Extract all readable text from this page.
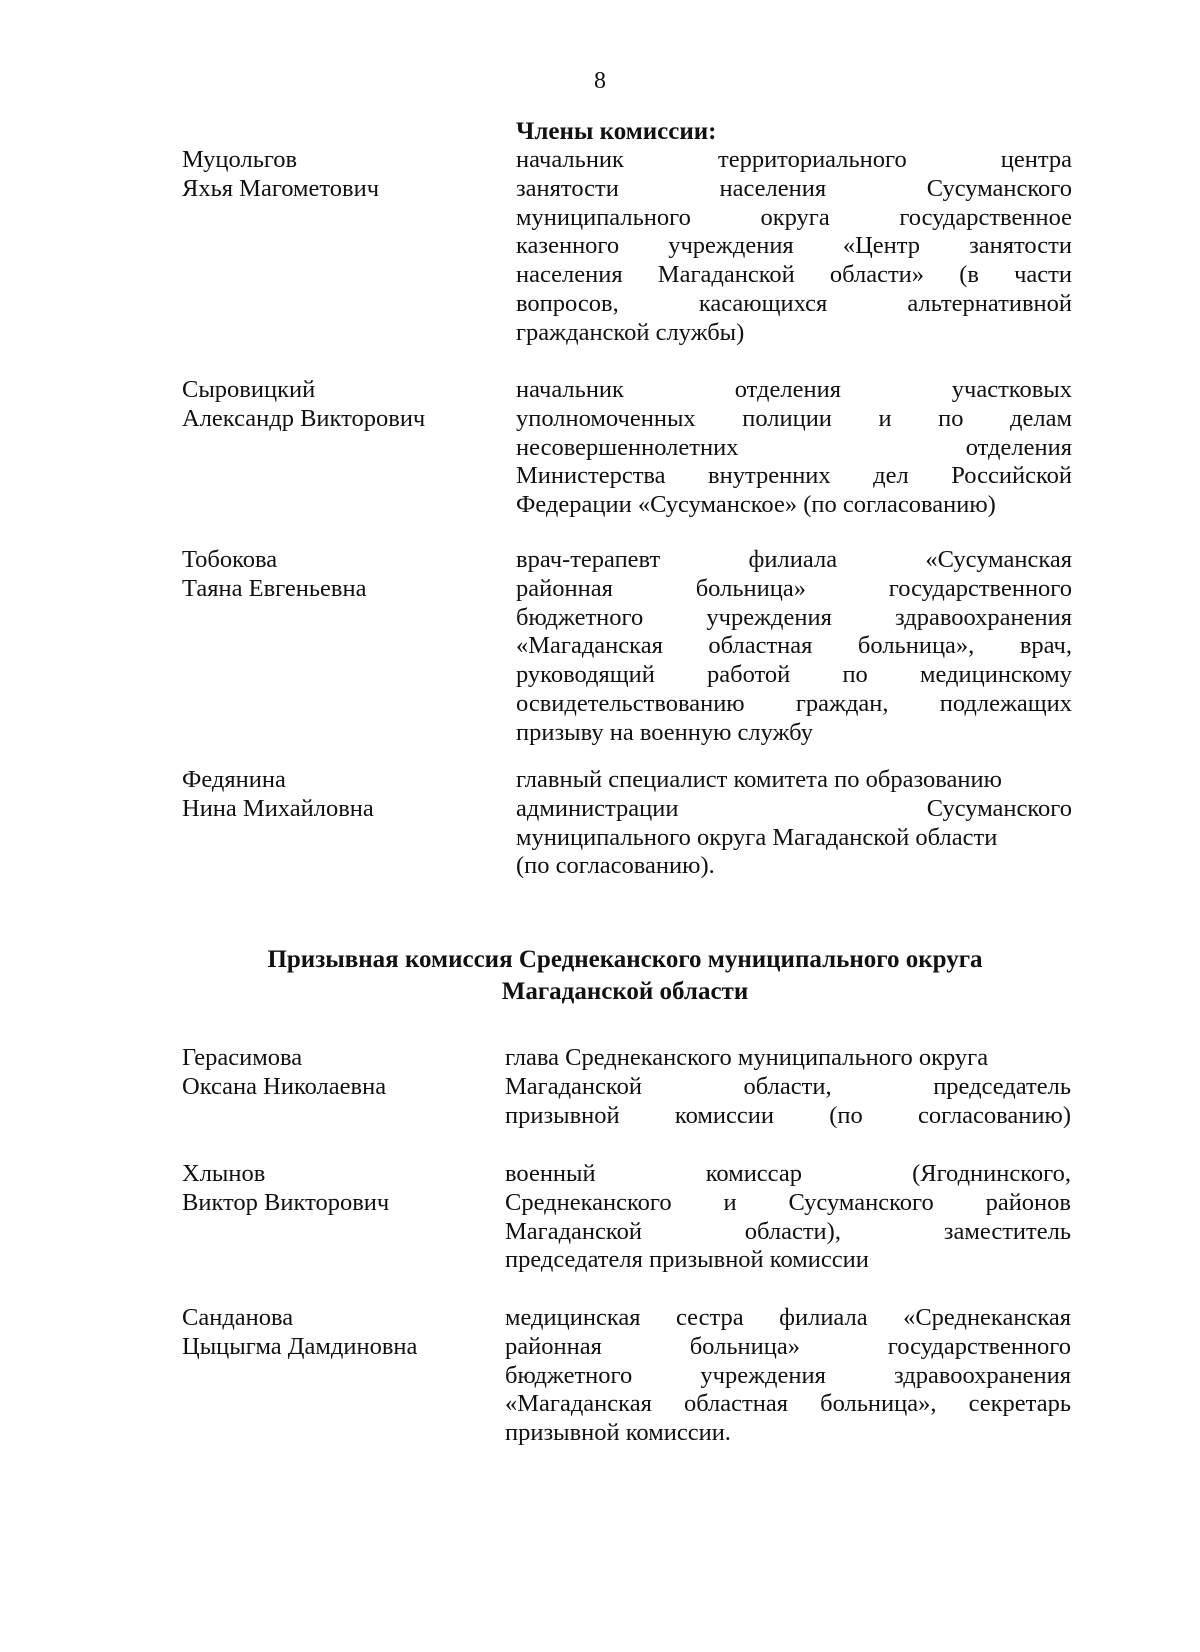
8
Члены комиссии:
Муцольгов
Яхья Магометович
начальник территориального центра
занятости населения Сусуманского
муниципального округа государственное
казенного учреждения «Центр занятости
населения Магаданской области» (в части
вопросов, касающихся альтернативной
гражданской службы)
Сыровицкий
Александр Викторович
начальник отделения участковых
уполномоченных полиции и по делам
несовершеннолетних отделения
Министерства внутренних дел Российской
Федерации «Сусуманское» (по согласованию)
Тобокова
Таяна Евгеньевна
врач-терапевт филиала «Сусуманская
районная больница» государственного
бюджетного учреждения здравоохранения
«Магаданская областная больница», врач,
руководящий работой по медицинскому
освидетельствованию граждан, подлежащих
призыву на военную службу
Федянина
Нина Михайловна
главный специалист комитета по образованию
администрации Сусуманского
муниципального округа Магаданской области
(по согласованию).
Призывная комиссия Среднеканского муниципального округа
Магаданской области
Герасимова
Оксана Николаевна
глава Среднеканского муниципального округа
Магаданской области, председатель
призывной комиссии (по согласованию)
Хлынов
Виктор Викторович
военный комиссар (Ягоднинского,
Среднеканского и Сусуманского районов
Магаданской области), заместитель
председателя призывной комиссии
Санданова
Цыцыгма Дамдиновна
медицинская сестра филиала «Среднеканская
районная больница» государственного
бюджетного учреждения здравоохранения
«Магаданская областная больница», секретарь
призывной комиссии.
